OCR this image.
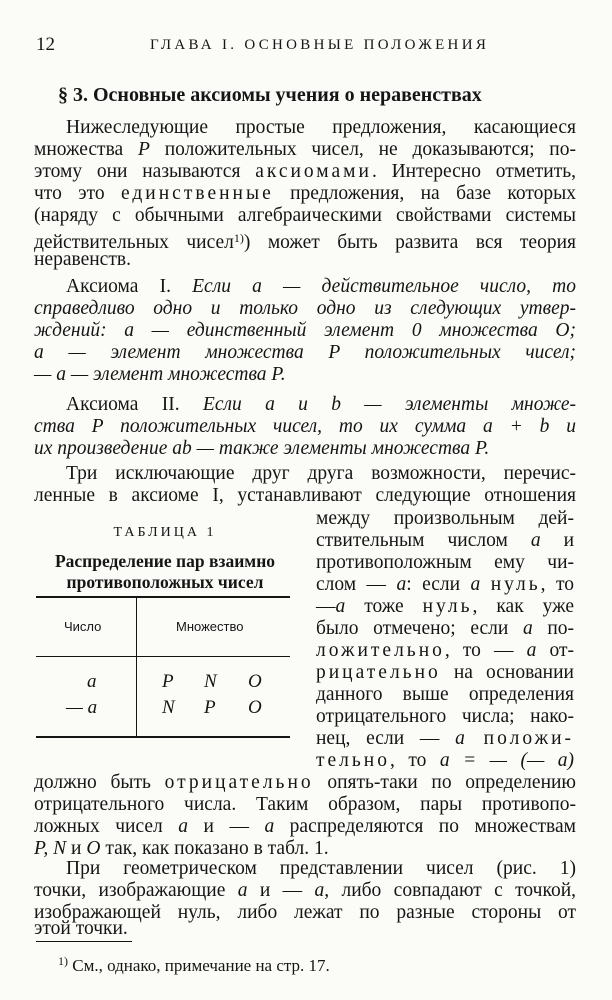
12	ГЛАВА I. ОСНОВНЫЕ ПОЛОЖЕНИЯ
§ 3. Основные аксиомы учения о неравенствах
Нижеследующие простые предложения, касающиеся
множества P положительных чисел, не доказываются; по-
этому они называются аксиомами. Интересно отметить,
что это единственные предложения, на базе которых
(наряду с обычными алгебраическими свойствами системы
действительных чисел$^{1)}$) может быть развита вся теория
неравенств.
Аксиома I. Если a — действительное число, то
справедливо одно и только одно из следующих утвер-
ждений: a — единственный элемент 0 множества O;
a — элемент множества P положительных чисел;
— a — элемент множества P.
Аксиома II. Если a и b — элементы множе-
ства P положительных чисел, то их сумма a + b и
их произведение ab — также элементы множества P.
Три исключающие друг друга возможности, перечис-
ленные в аксиоме I, устанавливают следующие отношения
между произвольным дей-
ствительным числом a и
противоположным ему чи-
слом — a: если a нуль, то
—a тоже нуль, как уже
было отмечено; если a по-
ложительно, то — a от-
рицательно на основании
данного выше определения
отрицательного числа; нако-
нец, если — a положи-
тельно, то a = — (— a)
должно быть отрицательно опять-таки по определению
отрицательного числа. Таким образом, пары противопо-
ложных чисел a и — a распределяются по множествам
P, N и O так, как показано в табл. 1.
ТАБЛИЦА 1
Распределение пар взаимно
противоположных чисел
Число	Множество
a	P N O
— a	N P O
При геометрическом представлении чисел (рис. 1)
точки, изображающие a и — a, либо совпадают с точкой,
изображающей нуль, либо лежат по разные стороны от
этой точки.
$^{1)}$ См., однако, примечание на стр. 17.
